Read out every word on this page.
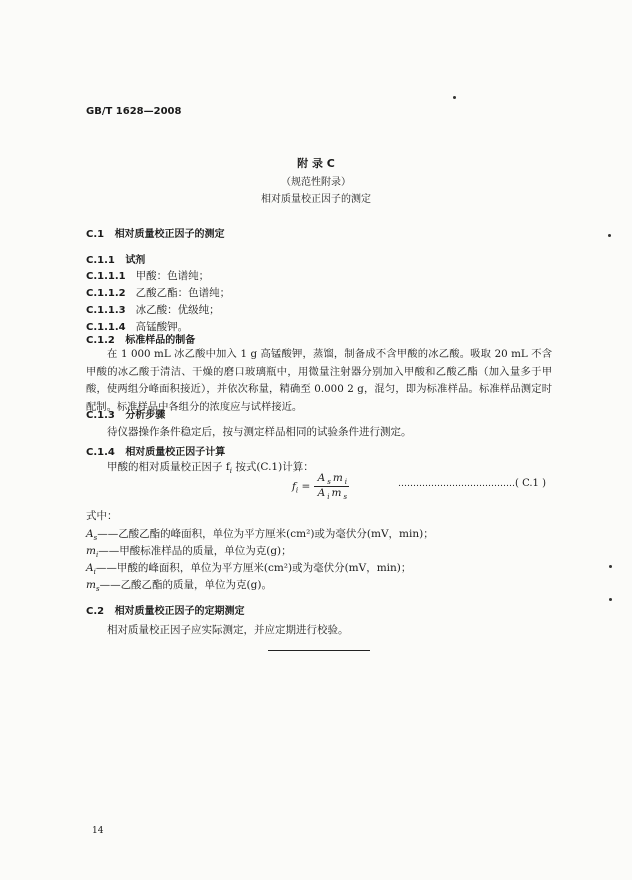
GB/T 1628—2008
附 录 C
（规范性附录）
相对质量校正因子的测定
C.1 相对质量校正因子的测定
C.1.1 试剂
C.1.1.1 甲酸：色谱纯；
C.1.1.2 乙酸乙酯：色谱纯；
C.1.1.3 冰乙酸：优级纯；
C.1.1.4 高锰酸钾。
C.1.2 标准样品的制备
在 1 000 mL 冰乙酸中加入 1 g 高锰酸钾，蒸馏，制备成不含甲酸的冰乙酸。吸取 20 mL 不含甲酸的冰乙酸于清洁、干燥的磨口玻璃瓶中，用微量注射器分别加入甲酸和乙酸乙酯（加入量多于甲酸，使两组分峰面积接近），并依次称量，精确至 0.000 2 g，混匀，即为标准样品。标准样品测定时配制。标准样品中各组分的浓度应与试样接近。
C.1.3 分析步骤
待仪器操作条件稳定后，按与测定样品相同的试验条件进行测定。
C.1.4 相对质量校正因子计算
甲酸的相对质量校正因子 $f_i$ 按式(C.1)计算：
$f_i = \frac{A _s m _i}{A _i m _s}$	…………………………………( C.1 )
式中：
$A_s——$乙酸乙酯的峰面积，单位为平方厘米(cm²)或为毫伏分(mV，min)；
$m_i——$甲酸标准样品的质量，单位为克(g)；
$A_i——$甲酸的峰面积，单位为平方厘米(cm²)或为毫伏分(mV，min)；
$m_s——$乙酸乙酯的质量，单位为克(g)。
C.2 相对质量校正因子的定期测定
相对质量校正因子应实际测定，并应定期进行校验。
14
